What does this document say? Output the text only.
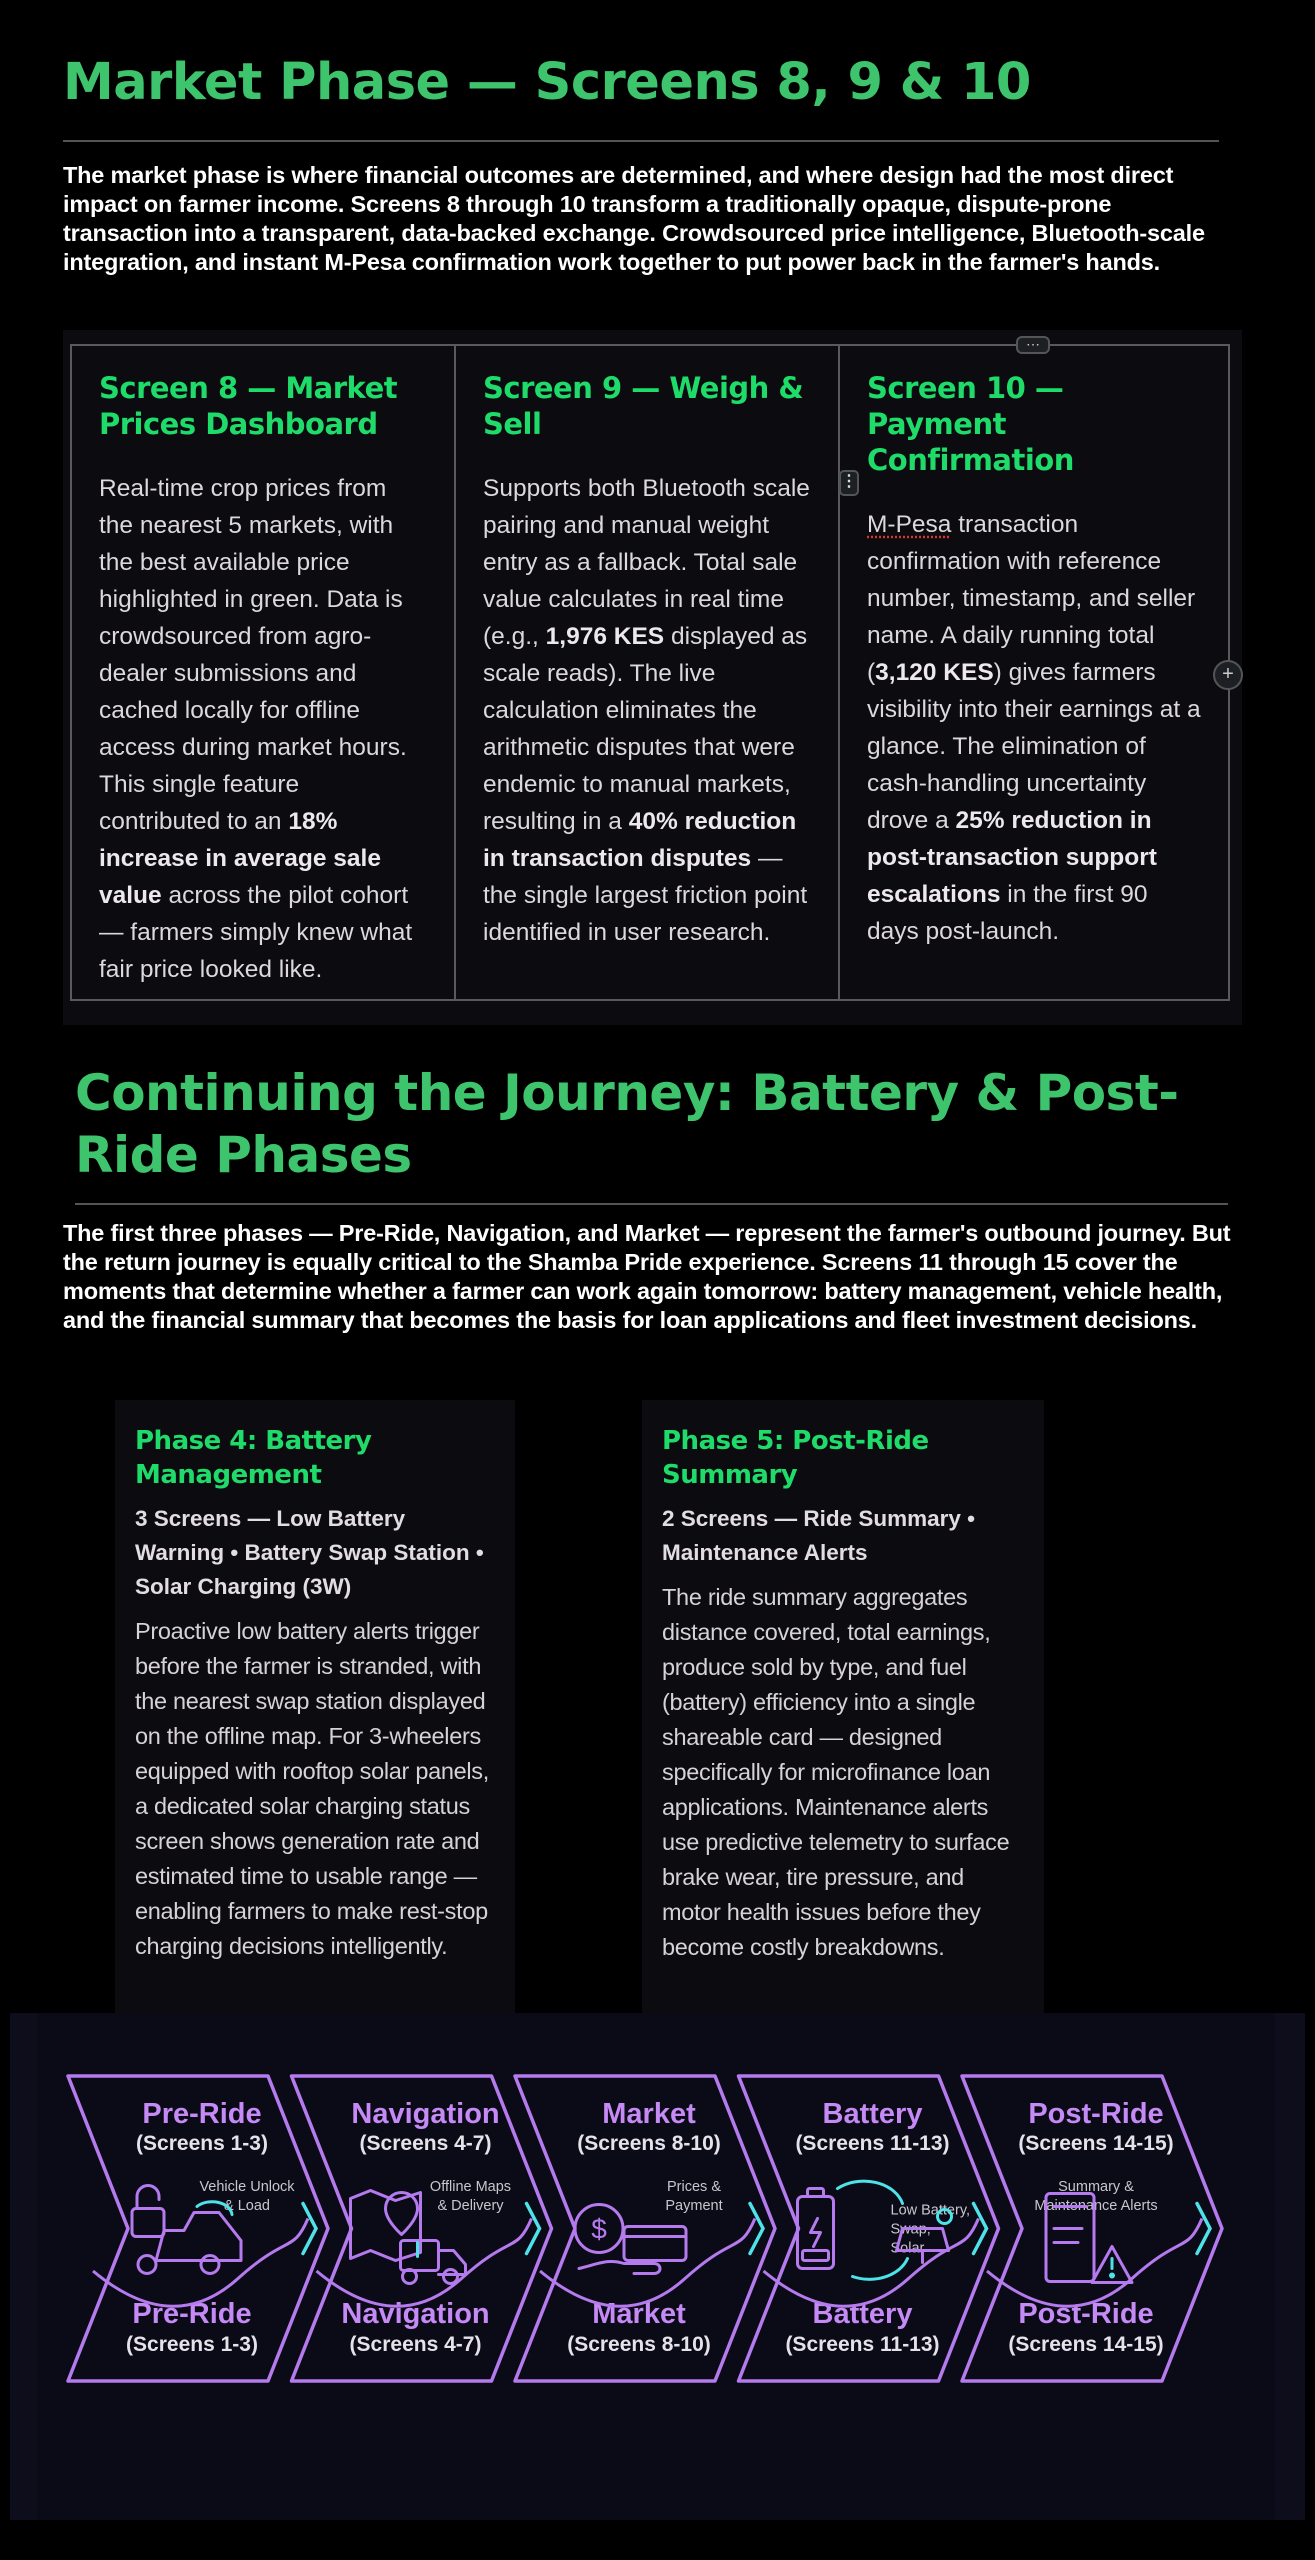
Market Phase — Screens 8, 9 & 10

The market phase is where financial outcomes are determined, and where design had the most direct impact on farmer income. Screens 8 through 10 transform a traditionally opaque, dispute-prone transaction into a transparent, data-backed exchange. Crowdsourced price intelligence, Bluetooth-scale integration, and instant M-Pesa confirmation work together to put power back in the farmer's hands.

Screen 8 — Market Prices Dashboard

Real-time crop prices from the nearest 5 markets, with the best available price highlighted in green. Data is crowdsourced from agro-dealer submissions and cached locally for offline access during market hours. This single feature contributed to an 18% increase in average sale value across the pilot cohort — farmers simply knew what fair price looked like.

Screen 9 — Weigh & Sell

Supports both Bluetooth scale pairing and manual weight entry as a fallback. Total sale value calculates in real time (e.g., 1,976 KES displayed as scale reads). The live calculation eliminates the arithmetic disputes that were endemic to manual markets, resulting in a 40% reduction in transaction disputes — the single largest friction point identified in user research.

Screen 10 — Payment Confirmation

M-Pesa transaction confirmation with reference number, timestamp, and seller name. A daily running total (3,120 KES) gives farmers visibility into their earnings at a glance. The elimination of cash-handling uncertainty drove a 25% reduction in post-transaction support escalations in the first 90 days post-launch.

⋯
⋮
+
Continuing the Journey: Battery & Post-Ride Phases

The first three phases — Pre-Ride, Navigation, and Market — represent the farmer's outbound journey. But the return journey is equally critical to the Shamba Pride experience. Screens 11 through 15 cover the moments that determine whether a farmer can work again tomorrow: battery management, vehicle health, and the financial summary that becomes the basis for loan applications and fleet investment decisions.

Phase 4: Battery Management
3 Screens — Low Battery Warning • Battery Swap Station • Solar Charging (3W)

Proactive low battery alerts trigger before the farmer is stranded, with the nearest swap station displayed on the offline map. For 3-wheelers equipped with rooftop solar panels, a dedicated solar charging status screen shows generation rate and estimated time to usable range — enabling farmers to make rest-stop charging decisions intelligently.

Phase 5: Post-Ride Summary
2 Screens — Ride Summary • Maintenance Alerts

The ride summary aggregates distance covered, total earnings, produce sold by type, and fuel (battery) efficiency into a single shareable card — designed specifically for microfinance loan applications. Maintenance alerts use predictive telemetry to surface brake wear, tire pressure, and motor health issues before they become costly breakdowns.

Pre-Ride
(Screens 1-3)
Pre-Ride
(Screens 1-3)
Vehicle Unlock
& Load
Navigation
(Screens 4-7)
Navigation
(Screens 4-7)
Offline Maps
& Delivery
Market
(Screens 8-10)
Market
(Screens 8-10)
Prices &
Payment
$
Battery
(Screens 11-13)
Battery
(Screens 11-13)
Low Battery,
Swap,
Solar
Post-Ride
(Screens 14-15)
Post-Ride
(Screens 14-15)
Summary &
Maintenance Alerts
